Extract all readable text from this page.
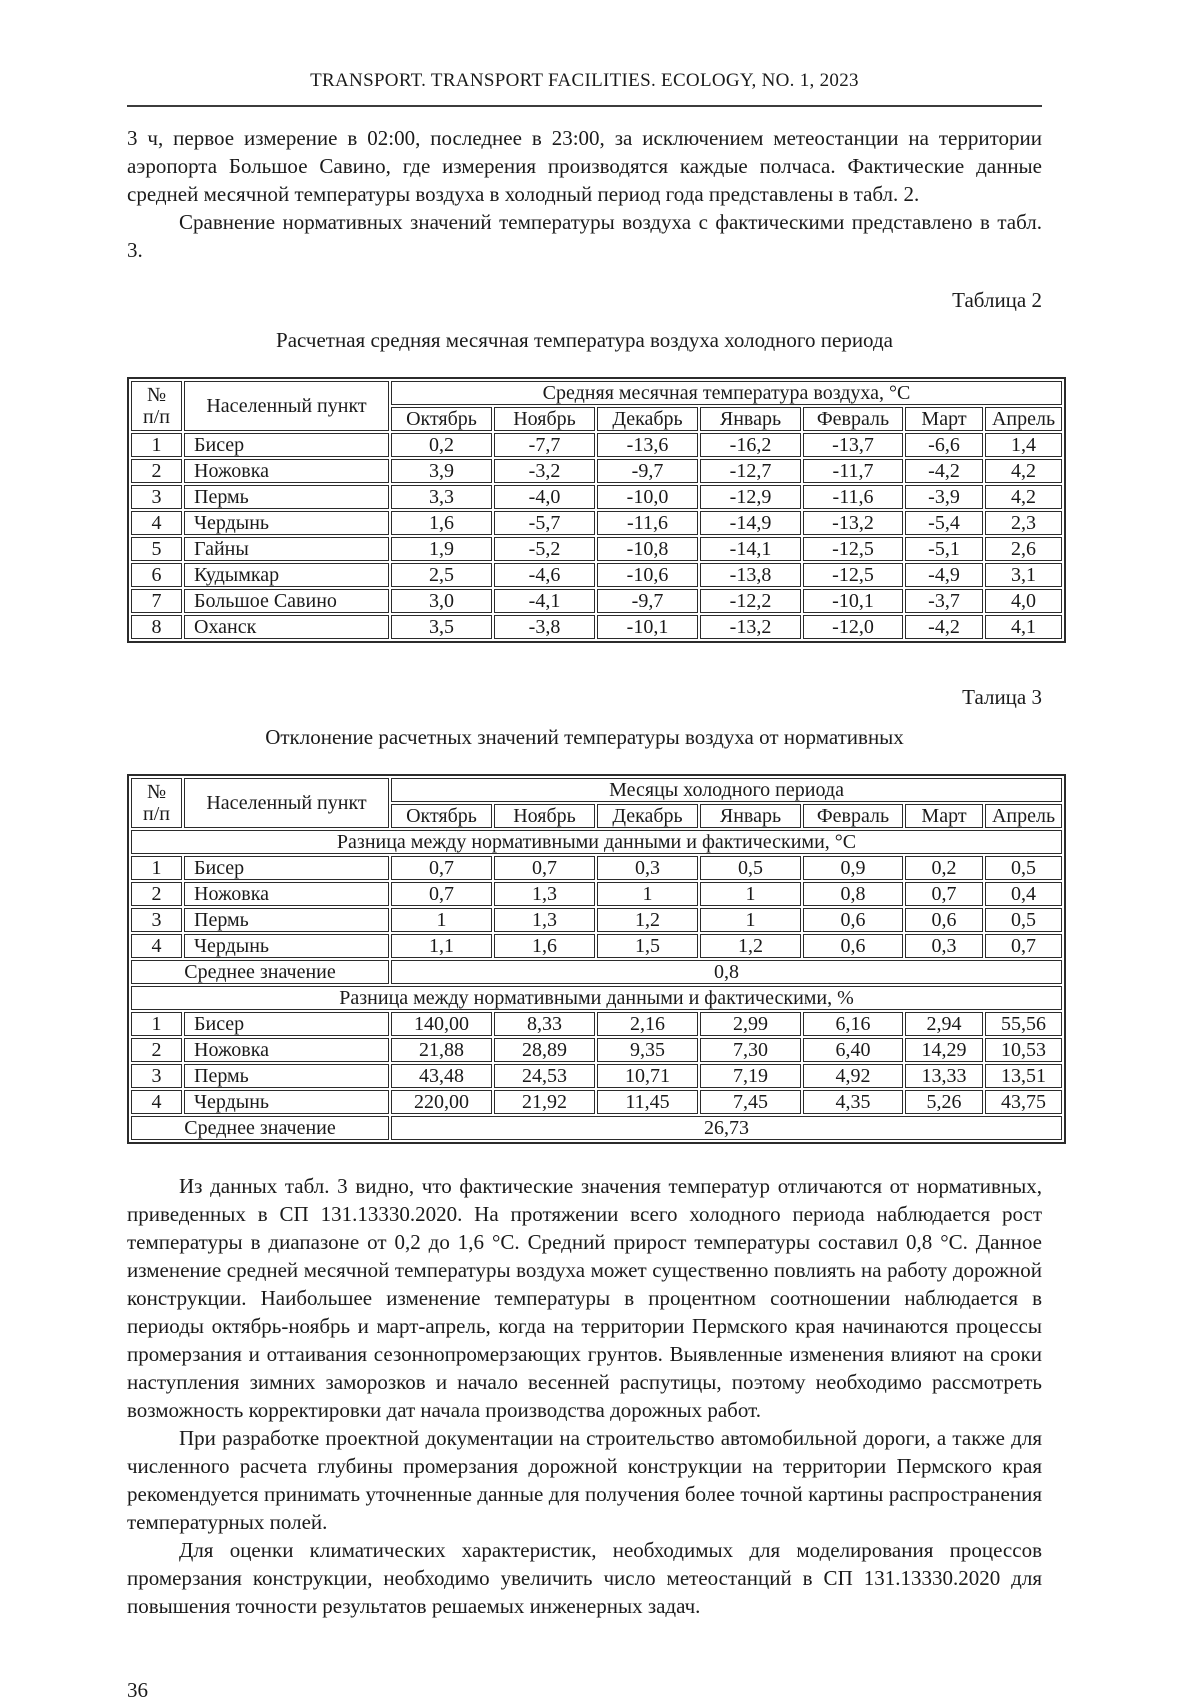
TRANSPORT. TRANSPORT FACILITIES. ECOLOGY, NO. 1, 2023

3 ч, первое измерение в 02:00, последнее в 23:00, за исключением метеостанции на территории аэропорта Большое Савино, где измерения производятся каждые полчаса. Фактические данные средней месячной температуры воздуха в холодный период года представлены в табл. 2.

Сравнение нормативных значений температуры воздуха с фактическими представлено в табл. 3.

Таблица 2
Расчетная средняя месячная температура воздуха холодного периода
№
п/п	Населенный пункт	Средняя месячная температура воздуха, °С						
		Октябрь	Ноябрь	Декабрь	Январь	Февраль	Март	Апрель
1	Бисер	0,2	-7,7	-13,6	-16,2	-13,7	-6,6	1,4
2	Ножовка	3,9	-3,2	-9,7	-12,7	-11,7	-4,2	4,2
3	Пермь	3,3	-4,0	-10,0	-12,9	-11,6	-3,9	4,2
4	Чердынь	1,6	-5,7	-11,6	-14,9	-13,2	-5,4	2,3
5	Гайны	1,9	-5,2	-10,8	-14,1	-12,5	-5,1	2,6
6	Кудымкар	2,5	-4,6	-10,6	-13,8	-12,5	-4,9	3,1
7	Большое Савино	3,0	-4,1	-9,7	-12,2	-10,1	-3,7	4,0
8	Оханск	3,5	-3,8	-10,1	-13,2	-12,0	-4,2	4,1
Талица 3
Отклонение расчетных значений температуры воздуха от нормативных
№
п/п	Населенный пункт	Месяцы холодного периода						
		Октябрь	Ноябрь	Декабрь	Январь	Февраль	Март	Апрель
Разница между нормативными данными и фактическими, °С								
1	Бисер	0,7	0,7	0,3	0,5	0,9	0,2	0,5
2	Ножовка	0,7	1,3	1	1	0,8	0,7	0,4
3	Пермь	1	1,3	1,2	1	0,6	0,6	0,5
4	Чердынь	1,1	1,6	1,5	1,2	0,6	0,3	0,7
Среднее значение		0,8						
Разница между нормативными данными и фактическими, %								
1	Бисер	140,00	8,33	2,16	2,99	6,16	2,94	55,56
2	Ножовка	21,88	28,89	9,35	7,30	6,40	14,29	10,53
3	Пермь	43,48	24,53	10,71	7,19	4,92	13,33	13,51
4	Чердынь	220,00	21,92	11,45	7,45	4,35	5,26	43,75
Среднее значение		26,73						

Из данных табл. 3 видно, что фактические значения температур отличаются от нормативных, приведенных в СП 131.13330.2020. На протяжении всего холодного периода наблюдается рост температуры в диапазоне от 0,2 до 1,6 °С. Средний прирост температуры составил 0,8 °С. Данное изменение средней месячной температуры воздуха может существенно повлиять на работу дорожной конструкции. Наибольшее изменение температуры в процентном соотношении наблюдается в периоды октябрь-ноябрь и март-апрель, когда на территории Пермского края начинаются процессы промерзания и оттаивания сезоннопромерзающих грунтов. Выявленные изменения влияют на сроки наступления зимних заморозков и начало весенней распутицы, поэтому необходимо рассмотреть возможность корректировки дат начала производства дорожных работ.

При разработке проектной документации на строительство автомобильной дороги, а также для численного расчета глубины промерзания дорожной конструкции на территории Пермского края рекомендуется принимать уточненные данные для получения более точной картины распространения температурных полей.

Для оценки климатических характеристик, необходимых для моделирования процессов промерзания конструкции, необходимо увеличить число метеостанций в СП 131.13330.2020 для повышения точности результатов решаемых инженерных задач.

36
